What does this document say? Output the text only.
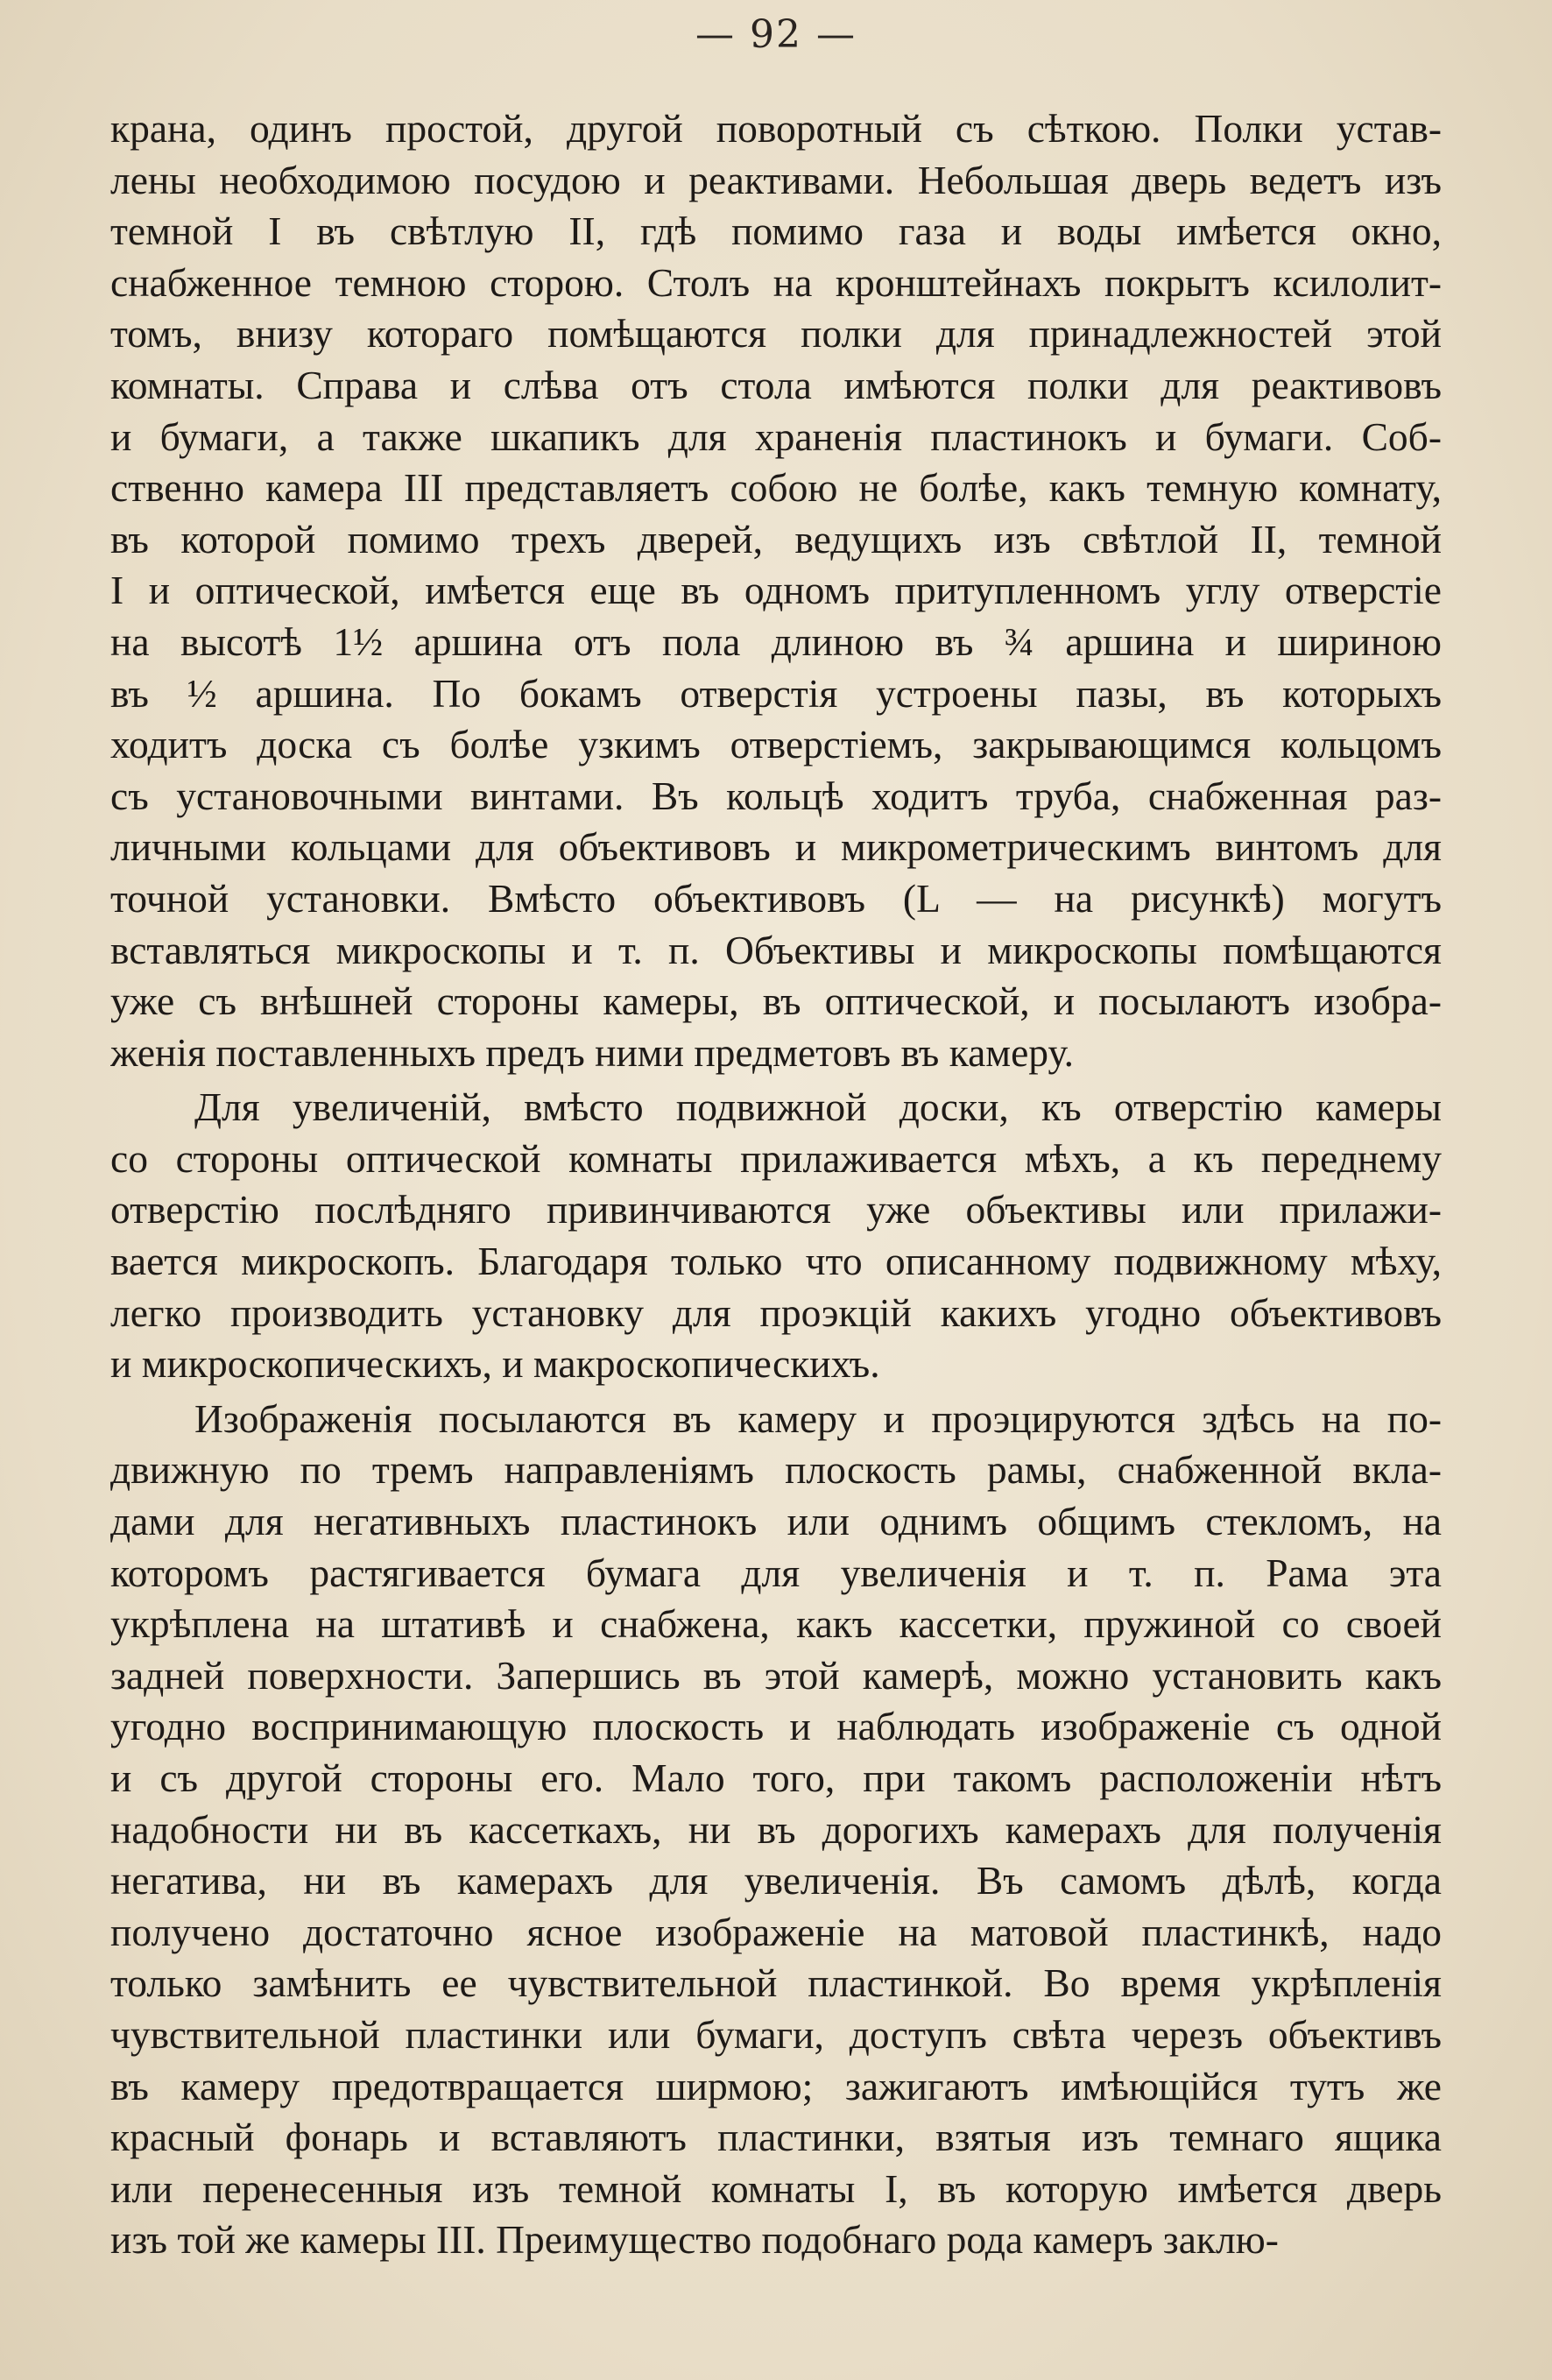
— 92 —
крана, одинъ простой, другой поворотный съ сѣткою. Полки устав-
лены необходимою посудою и реактивами. Небольшая дверь ведетъ изъ
темной I въ свѣтлую II, гдѣ помимо газа и воды имѣется окно,
снабженное темною сторою. Столъ на кронштейнахъ покрытъ ксилолит-
томъ, внизу котораго помѣщаются полки для принадлежностей этой
комнаты. Справа и слѣва отъ стола имѣются полки для реактивовъ
и бумаги, а также шкапикъ для храненія пластинокъ и бумаги. Соб-
ственно камера III представляетъ собою не болѣе, какъ темную комнату,
въ которой помимо трехъ дверей, ведущихъ изъ свѣтлой II, темной
I и оптической, имѣется еще въ одномъ притупленномъ углу отверстіе
на высотѣ 1½ аршина отъ пола длиною въ ¾ аршина и шириною
въ ½ аршина. По бокамъ отверстія устроены пазы, въ которыхъ
ходитъ доска съ болѣе узкимъ отверстіемъ, закрывающимся кольцомъ
съ установочными винтами. Въ кольцѣ ходитъ труба, снабженная раз-
личными кольцами для объективовъ и микрометрическимъ винтомъ для
точной установки. Вмѣсто объективовъ (L — на рисункѣ) могутъ
вставляться микроскопы и т. п. Объективы и микроскопы помѣщаются
уже съ внѣшней стороны камеры, въ оптической, и посылаютъ изобра-
женія поставленныхъ предъ ними предметовъ въ камеру.
Для увеличеній, вмѣсто подвижной доски, къ отверстію камеры
со стороны оптической комнаты прилаживается мѣхъ, а къ переднему
отверстію послѣдняго привинчиваются уже объективы или прилажи-
вается микроскопъ. Благодаря только что описанному подвижному мѣху,
легко производить установку для проэкцій какихъ угодно объективовъ
и микроскопическихъ, и макроскопическихъ.
Изображенія посылаются въ камеру и проэцируются здѣсь на по-
движную по тремъ направленіямъ плоскость рамы, снабженной вкла-
дами для негативныхъ пластинокъ или однимъ общимъ стекломъ, на
которомъ растягивается бумага для увеличенія и т. п. Рама эта
укрѣплена на штативѣ и снабжена, какъ кассетки, пружиной со своей
задней поверхности. Запершись въ этой камерѣ, можно установить какъ
угодно воспринимающую плоскость и наблюдать изображеніе съ одной
и съ другой стороны его. Мало того, при такомъ расположеніи нѣтъ
надобности ни въ кассеткахъ, ни въ дорогихъ камерахъ для полученія
негатива, ни въ камерахъ для увеличенія. Въ самомъ дѣлѣ, когда
получено достаточно ясное изображеніе на матовой пластинкѣ, надо
только замѣнить ее чувствительной пластинкой. Во время укрѣпленія
чувствительной пластинки или бумаги, доступъ свѣта черезъ объективъ
въ камеру предотвращается ширмою; зажигаютъ имѣющійся тутъ же
красный фонарь и вставляютъ пластинки, взятыя изъ темнаго ящика
или перенесенныя изъ темной комнаты I, въ которую имѣется дверь
изъ той же камеры III. Преимущество подобнаго рода камеръ заклю-
